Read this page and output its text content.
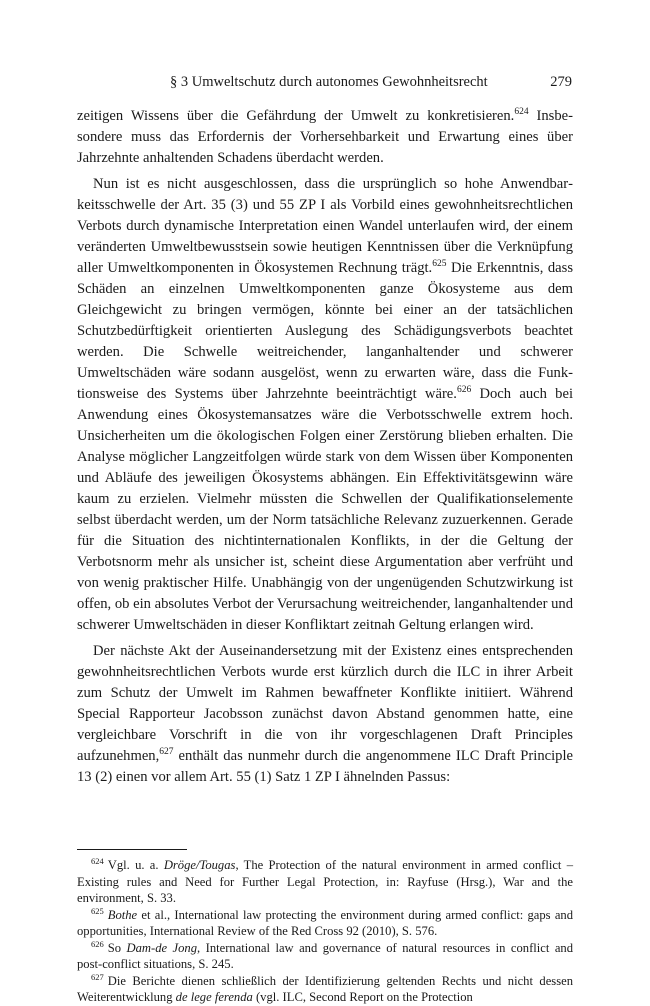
§ 3 Umweltschutz durch autonomes Gewohnheitsrecht	279

zeitigen Wissens über die Gefährdung der Umwelt zu konkretisieren.$^{624}$ Insbesondere muss das Erfordernis der Vorhersehbarkeit und Erwartung eines über Jahrzehnte anhaltenden Schadens überdacht werden.

Nun ist es nicht ausgeschlossen, dass die ursprünglich so hohe Anwendbarkeitsschwelle der Art. 35 (3) und 55 ZP I als Vorbild eines gewohnheitsrechtlichen Verbots durch dynamische Interpretation einen Wandel unterlaufen wird, der einem veränderten Umweltbewusstsein sowie heutigen Kenntnissen über die Verknüpfung aller Umweltkomponenten in Ökosystemen Rechnung trägt.$^{625}$ Die Erkenntnis, dass Schäden an einzelnen Umweltkomponenten ganze Ökosysteme aus dem Gleichgewicht zu bringen vermögen, könnte bei einer an der tatsächlichen Schutzbedürftigkeit orientierten Auslegung des Schädigungsverbots beachtet werden. Die Schwelle weitreichender, langanhaltender und schwerer Umweltschäden wäre sodann ausgelöst, wenn zu erwarten wäre, dass die Funktionsweise des Systems über Jahrzehnte beeinträchtigt wäre.$^{626}$ Doch auch bei Anwendung eines Ökosystemansatzes wäre die Verbotsschwelle extrem hoch. Unsicherheiten um die ökologischen Folgen einer Zerstörung blieben erhalten. Die Analyse möglicher Langzeitfolgen würde stark von dem Wissen über Komponenten und Abläufe des jeweiligen Ökosystems abhängen. Ein Effektivitätsgewinn wäre kaum zu erzielen. Vielmehr müssten die Schwellen der Qualifikationselemente selbst überdacht werden, um der Norm tatsächliche Relevanz zuzuerkennen. Gerade für die Situation des nichtinternationalen Konflikts, in der die Geltung der Verbotsnorm mehr als unsicher ist, scheint diese Argumentation aber verfrüht und von wenig praktischer Hilfe. Unabhängig von der ungenügenden Schutzwirkung ist offen, ob ein absolutes Verbot der Verursachung weitreichender, langanhaltender und schwerer Umweltschäden in dieser Konfliktart zeitnah Geltung erlangen wird.

Der nächste Akt der Auseinandersetzung mit der Existenz eines entsprechenden gewohnheitsrechtlichen Verbots wurde erst kürzlich durch die ILC in ihrer Arbeit zum Schutz der Umwelt im Rahmen bewaffneter Konflikte initiiert. Während Special Rapporteur Jacobsson zunächst davon Abstand genommen hatte, eine vergleichbare Vorschrift in die von ihr vorgeschlagenen Draft Principles aufzunehmen,$^{627}$ enthält das nunmehr durch die angenommene ILC Draft Principle 13 (2) einen vor allem Art. 55 (1) Satz 1 ZP I ähnelnden Passus:

$^{624}$ Vgl. u. a. Dröge/Tougas, The Protection of the natural environment in armed conflict – Existing rules and Need for Further Legal Protection, in: Rayfuse (Hrsg.), War and the environment, S. 33.

$^{625}$ Bothe et al., International law protecting the environment during armed conflict: gaps and opportunities, International Review of the Red Cross 92 (2010), S. 576.

$^{626}$ So Dam-de Jong, International law and governance of natural resources in conflict and post-conflict situations, S. 245.

$^{627}$ Die Berichte dienen schließlich der Identifizierung geltenden Rechts und nicht dessen Weiterentwicklung de lege ferenda (vgl. ILC, Second Report on the Protection
